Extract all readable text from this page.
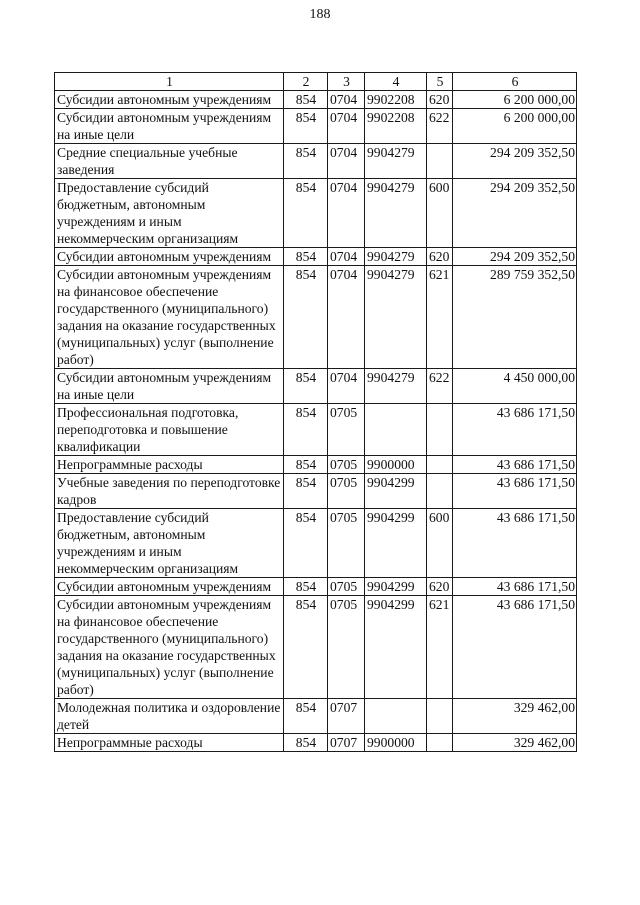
188
1	2	3	4	5	6
Субсидии автономным учреждениям	854	0704	9902208	620	6 200 000,00
Субсидии автономным учреждениям на иные цели	854	0704	9902208	622	6 200 000,00
Средние специальные учебные заведения	854	0704	9904279		294 209 352,50
Предоставление субсидий бюджетным, автономным учреждениям и иным некоммерческим организациям	854	0704	9904279	600	294 209 352,50
Субсидии автономным учреждениям	854	0704	9904279	620	294 209 352,50
Субсидии автономным учреждениям на финансовое обеспечение государственного (муниципального) задания на оказание государственных (муниципальных) услуг (выполнение работ)	854	0704	9904279	621	289 759 352,50
Субсидии автономным учреждениям на иные цели	854	0704	9904279	622	4 450 000,00
Профессиональная подготовка, переподготовка и повышение квалификации	854	0705			43 686 171,50
Непрограммные расходы	854	0705	9900000		43 686 171,50
Учебные заведения по переподготовке кадров	854	0705	9904299		43 686 171,50
Предоставление субсидий бюджетным, автономным учреждениям и иным некоммерческим организациям	854	0705	9904299	600	43 686 171,50
Субсидии автономным учреждениям	854	0705	9904299	620	43 686 171,50
Субсидии автономным учреждениям на финансовое обеспечение государственного (муниципального) задания на оказание государственных (муниципальных) услуг (выполнение работ)	854	0705	9904299	621	43 686 171,50
Молодежная политика и оздоровление детей	854	0707			329 462,00
Непрограммные расходы	854	0707	9900000		329 462,00
